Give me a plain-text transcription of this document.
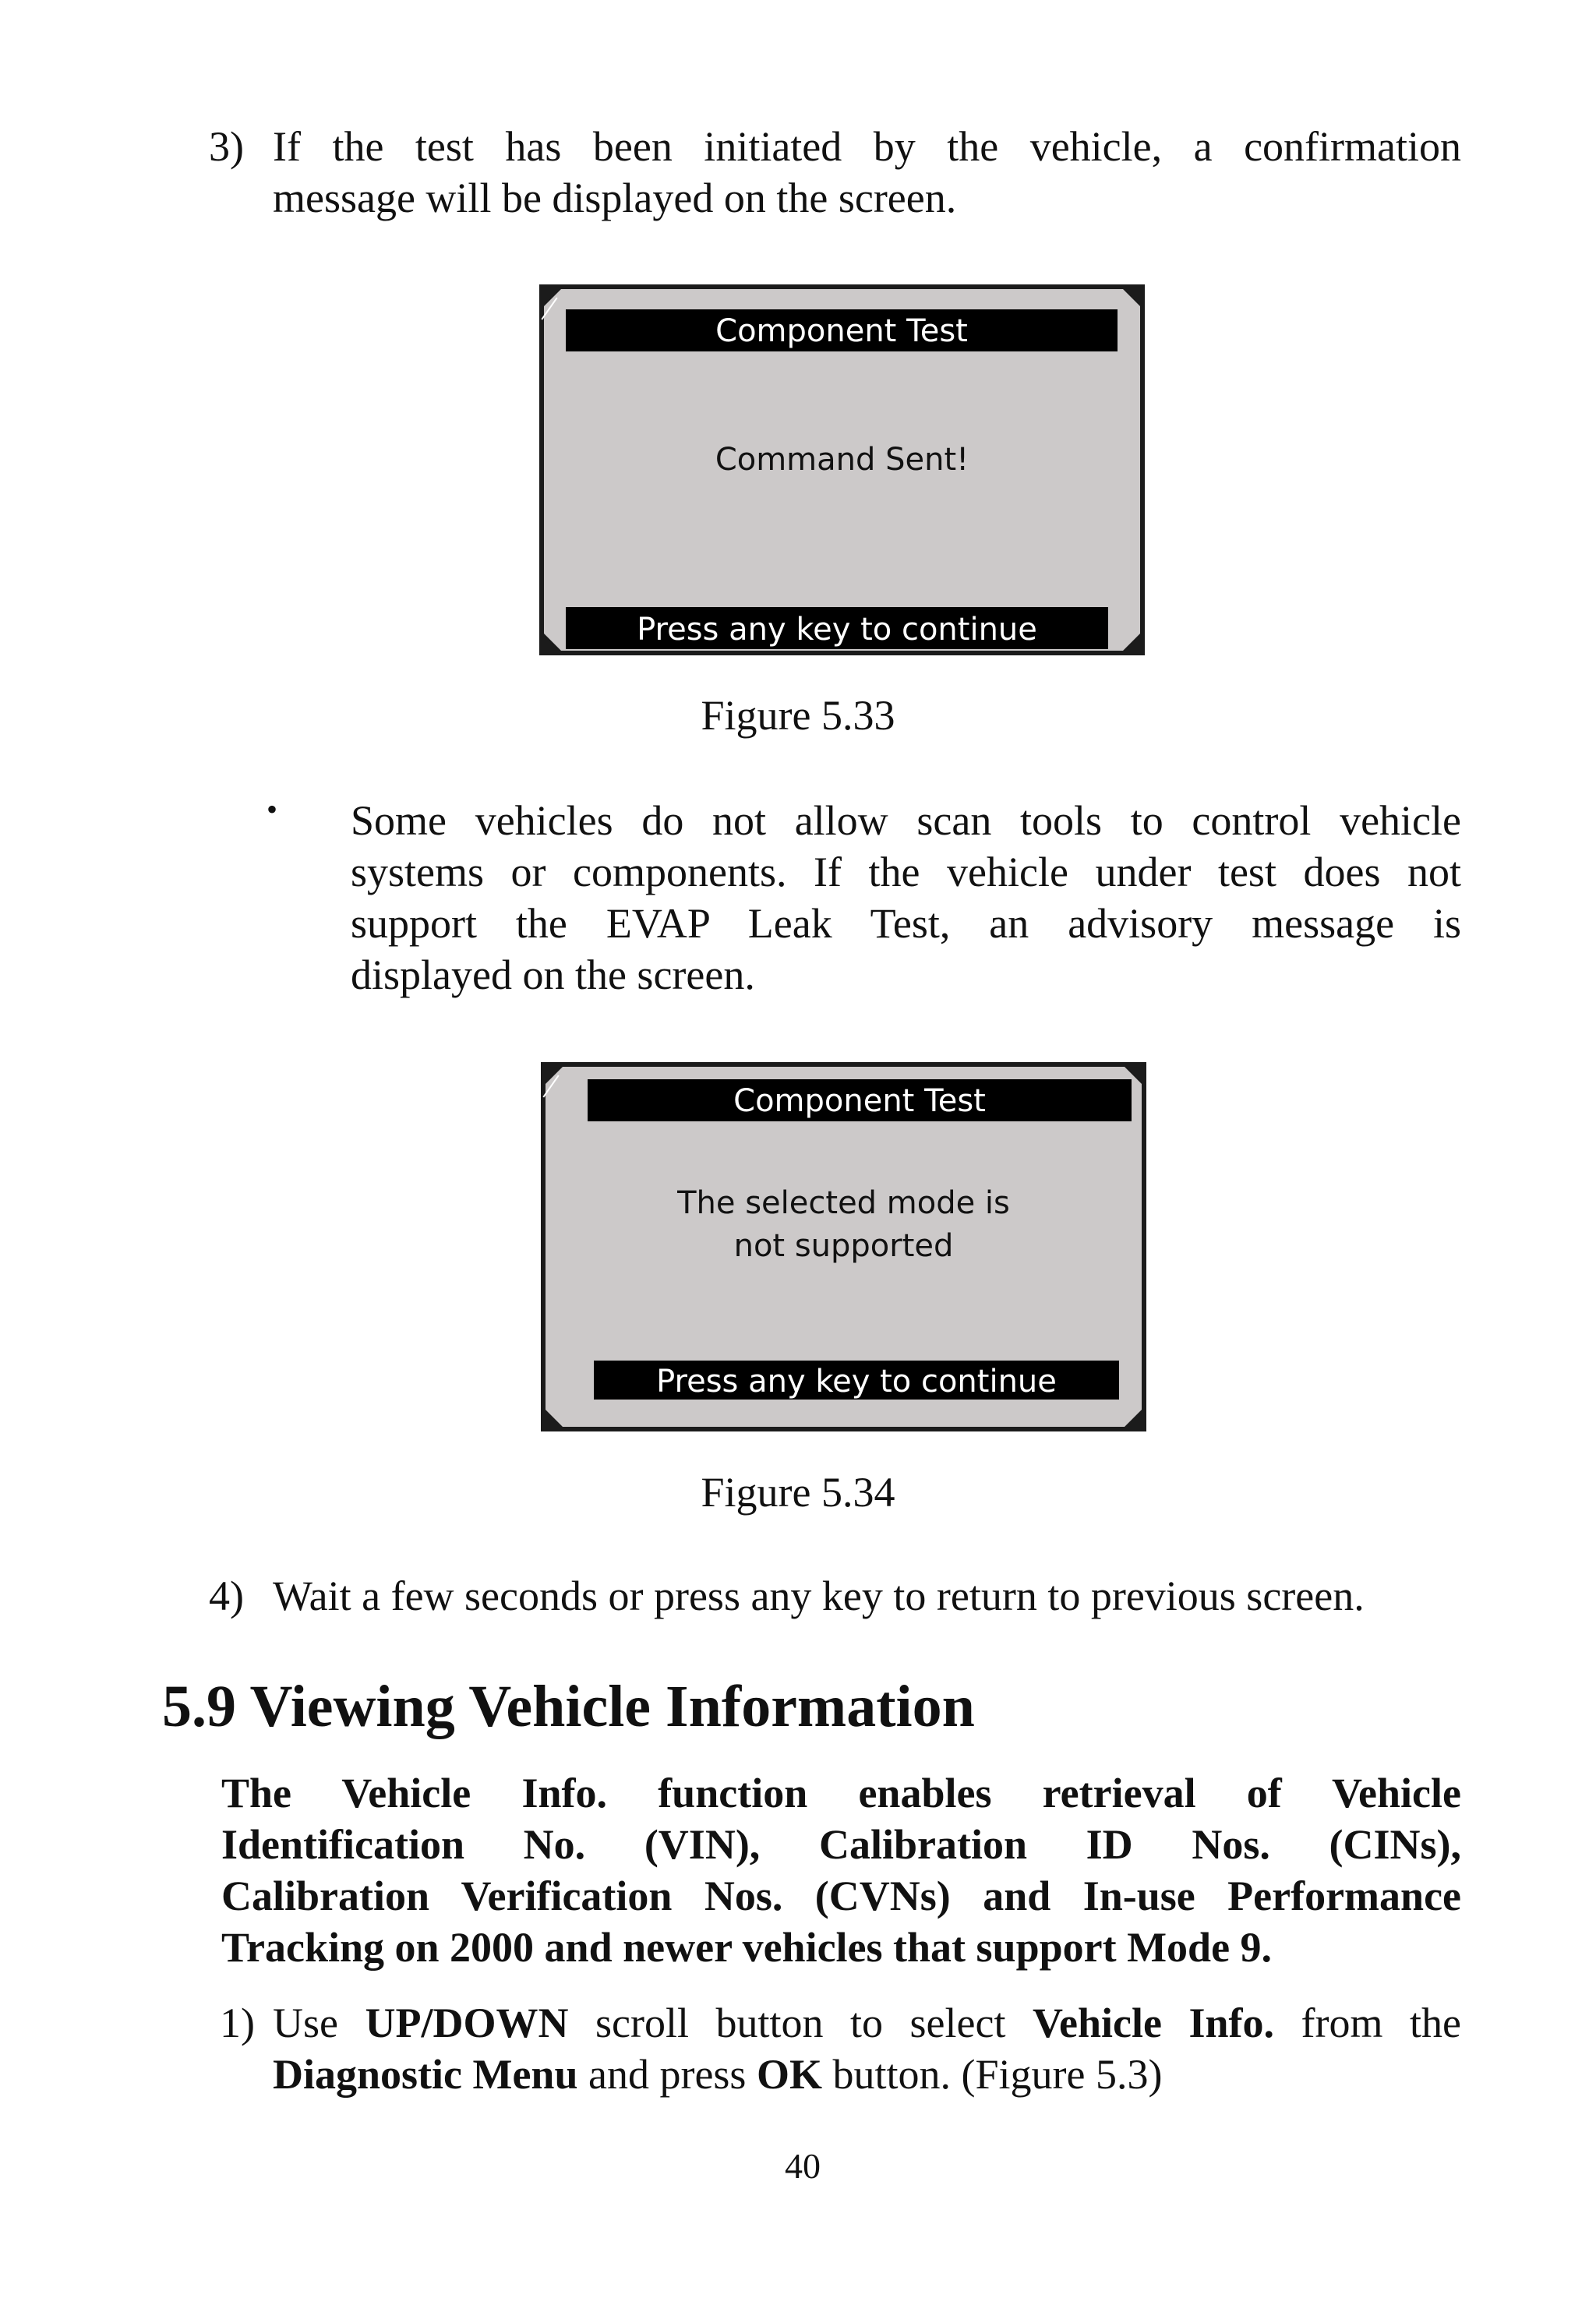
3) If the test has been initiated by the vehicle, a confirmation
message will be displayed on the screen.
Component Test
Command Sent!
Press any key to continue
Figure 5.33
• Some vehicles do not allow scan tools to control vehicle
systems or components. If the vehicle under test does not
support the EVAP Leak Test, an advisory message is
displayed on the screen.
Component Test
The selected mode is
not supported
Press any key to continue
Figure 5.34
4) Wait a few seconds or press any key to return to previous screen.
5.9 Viewing Vehicle Information
The Vehicle Info. function enables retrieval of Vehicle
Identification No. (VIN), Calibration ID Nos. (CINs),
Calibration Verification Nos. (CVNs) and In-use Performance
Tracking on 2000 and newer vehicles that support Mode 9.
1) Use UP/DOWN scroll button to select Vehicle Info. from the
Diagnostic Menu and press OK button. (Figure 5.3)
40
